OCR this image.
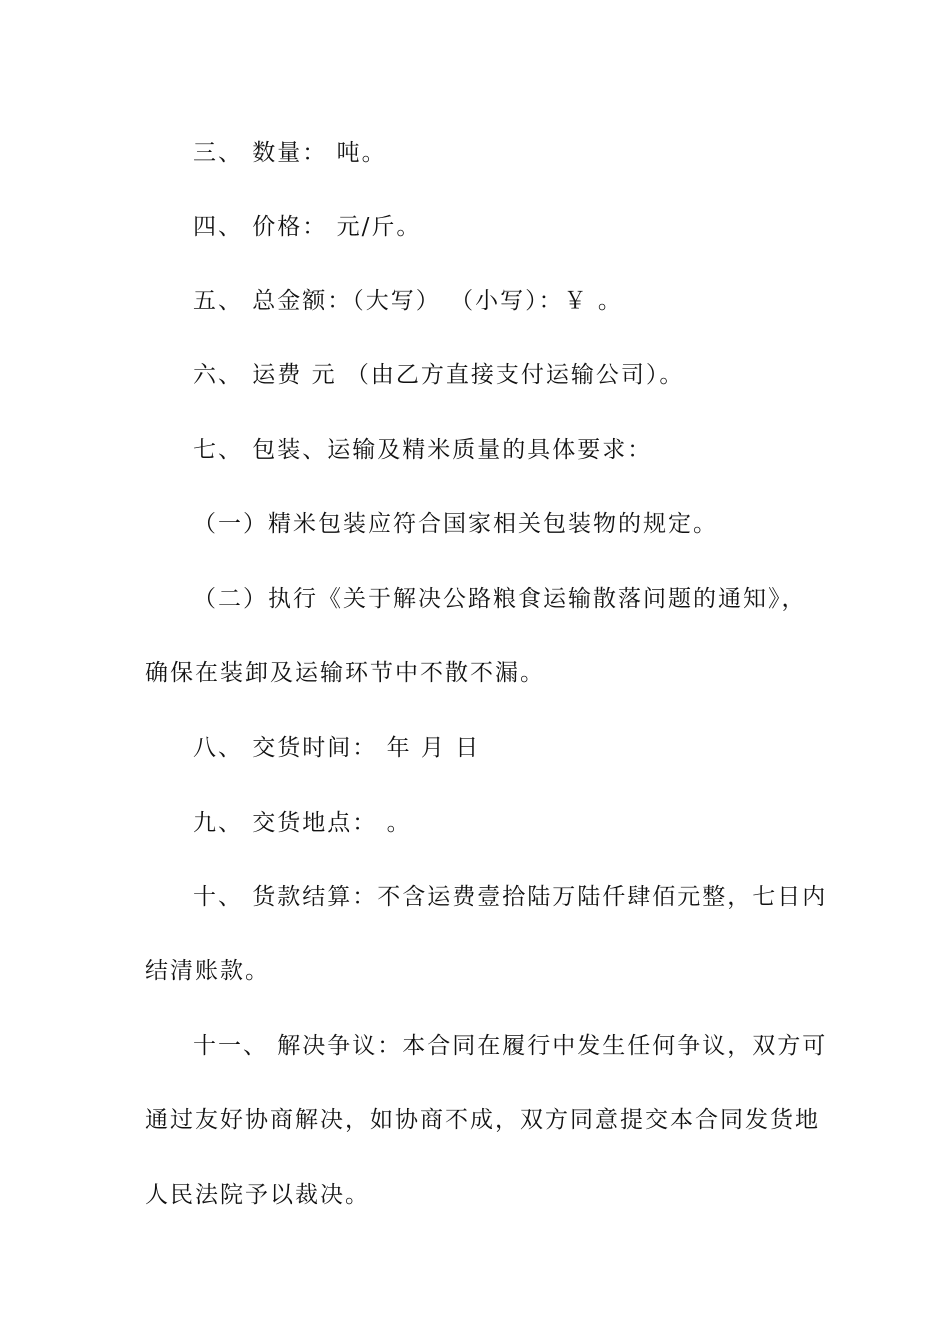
三、 数量： 吨。

四、 价格： 元/斤。

五、 总金额：（大写） （小写）：￥ 。

六、 运费 元 （由乙方直接支付运输公司）。

七、 包装、运输及精米质量的具体要求：

（一）精米包装应符合国家相关包装物的规定。

（二）执行《关于解决公路粮食运输散落问题的通知》，

确保在装卸及运输环节中不散不漏。

八、 交货时间： 年 月 日

九、 交货地点： 。

十、 货款结算：不含运费壹拾陆万陆仟肆佰元整，七日内

结清账款。

十一、 解决争议：本合同在履行中发生任何争议，双方可

通过友好协商解决，如协商不成，双方同意提交本合同发货地

人民法院予以裁决。
